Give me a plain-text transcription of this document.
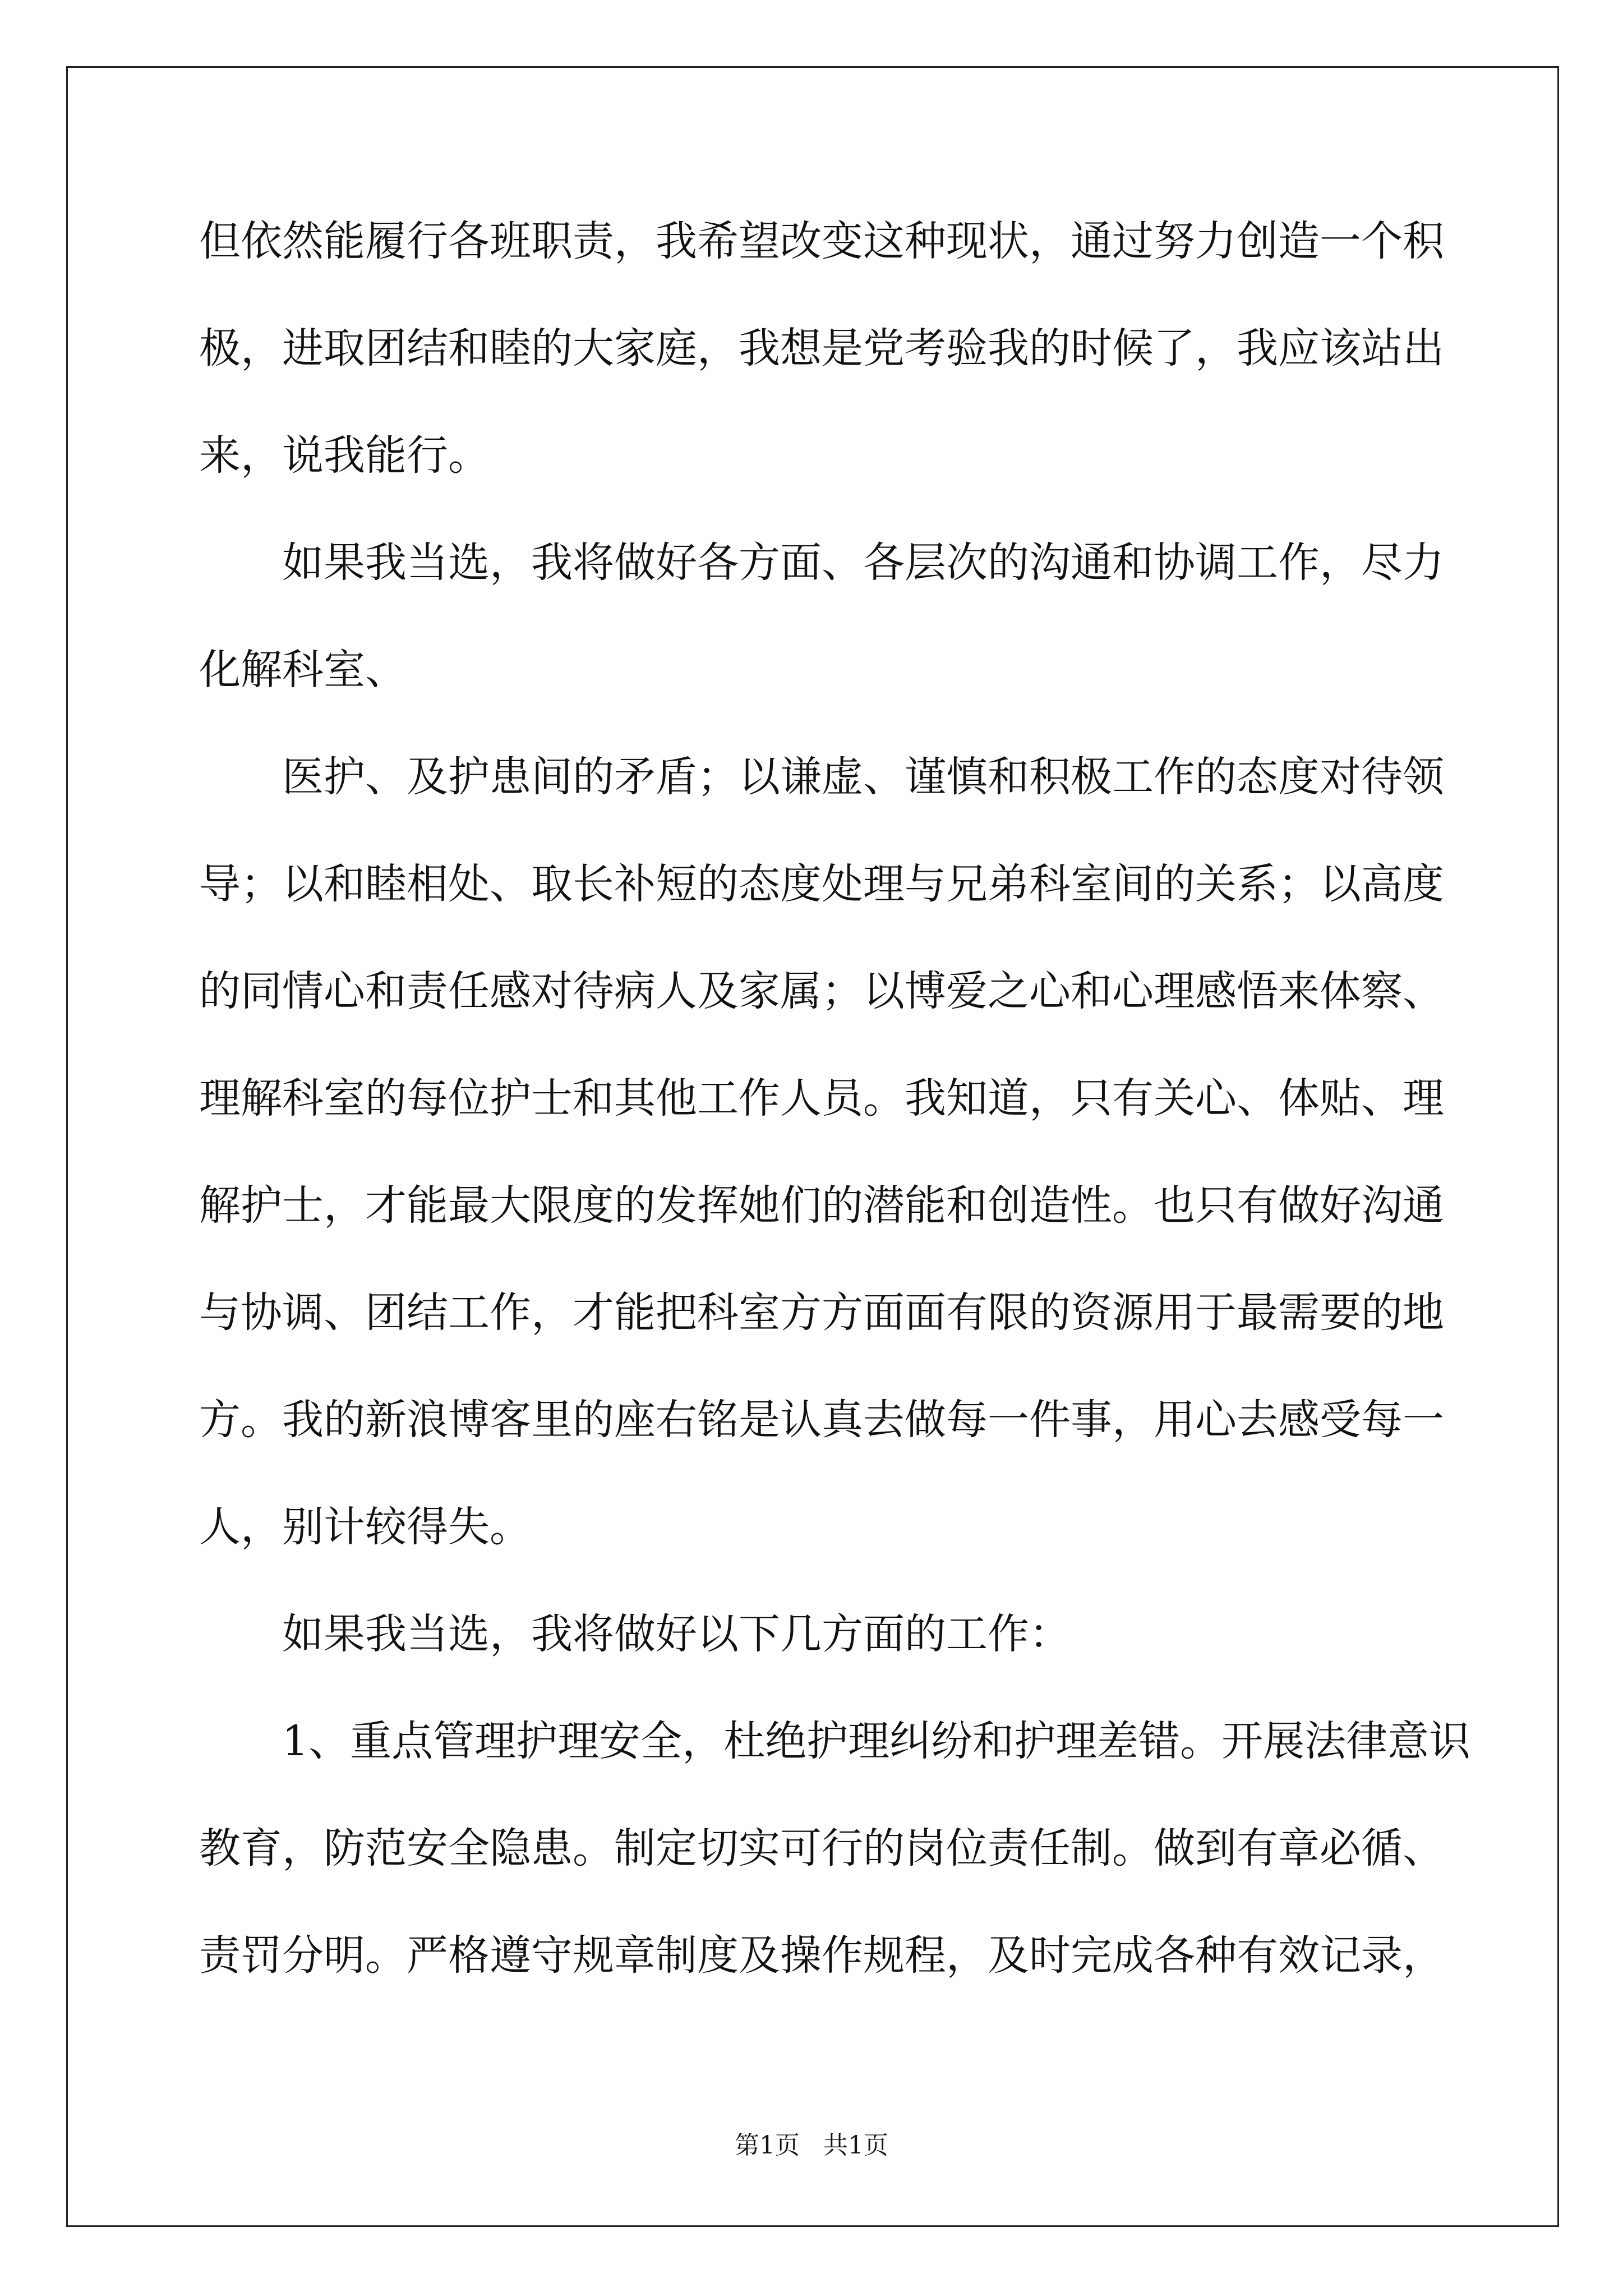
但依然能履行各班职责，我希望改变这种现状，通过努力创造一个积
极，进取团结和睦的大家庭，我想是党考验我的时候了，我应该站出
来，说我能行。
如果我当选，我将做好各方面、各层次的沟通和协调工作，尽力
化解科室、
医护、及护患间的矛盾；以谦虚、谨慎和积极工作的态度对待领
导；以和睦相处、取长补短的态度处理与兄弟科室间的关系；以高度
的同情心和责任感对待病人及家属；以博爱之心和心理感悟来体察、
理解科室的每位护士和其他工作人员。我知道，只有关心、体贴、理
解护士，才能最大限度的发挥她们的潜能和创造性。也只有做好沟通
与协调、团结工作，才能把科室方方面面有限的资源用于最需要的地
方。我的新浪博客里的座右铭是认真去做每一件事，用心去感受每一
人，别计较得失。
如果我当选，我将做好以下几方面的工作：
1、重点管理护理安全，杜绝护理纠纷和护理差错。开展法律意识
教育，防范安全隐患。制定切实可行的岗位责任制。做到有章必循、
责罚分明。严格遵守规章制度及操作规程，及时完成各种有效记录，
第1页   共1页
